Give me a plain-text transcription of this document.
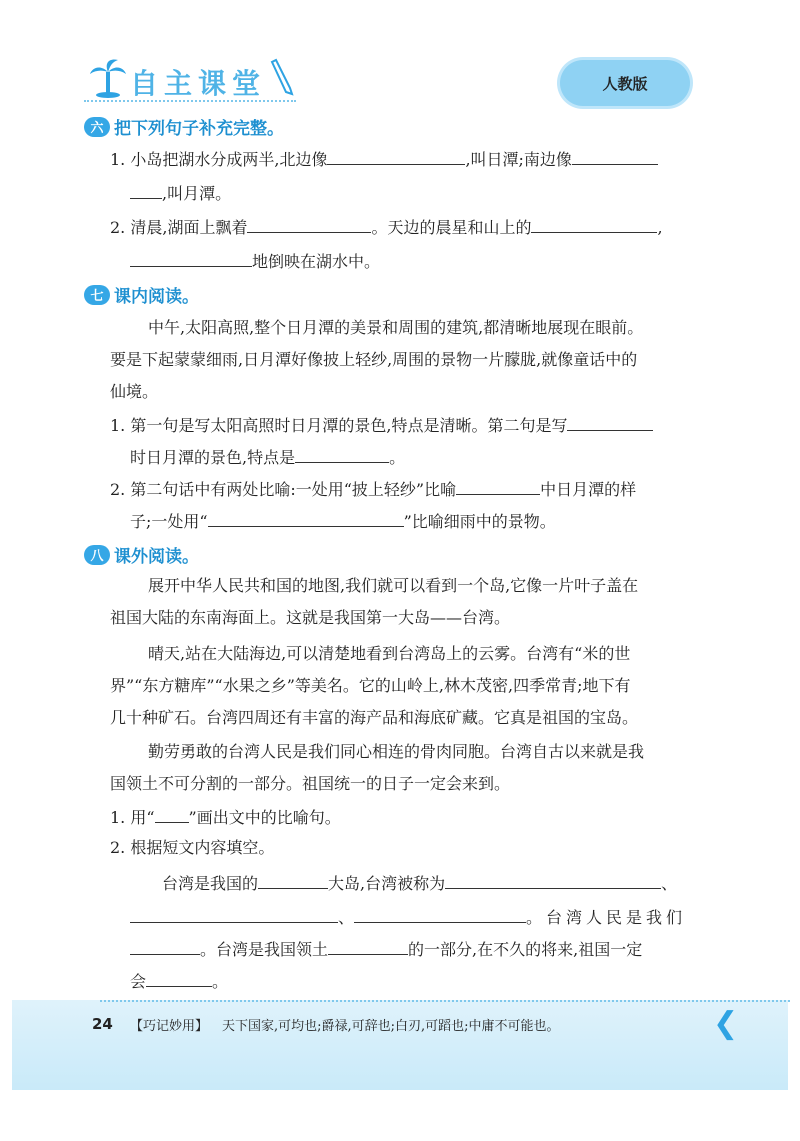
自主课堂	人教版
六 把下列句子补充完整。
1. 小岛把湖水分成两半,北边像	,叫日潭;南边像
,叫月潭。
2. 清晨,湖面上飘着	。天边的晨星和山上的	,
地倒映在湖水中。
七 课内阅读。
中午,太阳高照,整个日月潭的美景和周围的建筑,都清晰地展现在眼前。
要是下起蒙蒙细雨,日月潭好像披上轻纱,周围的景物一片朦胧,就像童话中的
仙境。
1. 第一句是写太阳高照时日月潭的景色,特点是清晰。第二句是写
时日月潭的景色,特点是	。
2. 第二句话中有两处比喻:一处用“披上轻纱”比喻	中日月潭的样
子;一处用“	”比喻细雨中的景物。
八 课外阅读。
展开中华人民共和国的地图,我们就可以看到一个岛,它像一片叶子盖在
祖国大陆的东南海面上。这就是我国第一大岛——台湾。
晴天,站在大陆海边,可以清楚地看到台湾岛上的云雾。台湾有“米的世
界”“东方糖库”“水果之乡”等美名。它的山岭上,林木茂密,四季常青;地下有
几十种矿石。台湾四周还有丰富的海产品和海底矿藏。它真是祖国的宝岛。
勤劳勇敢的台湾人民是我们同心相连的骨肉同胞。台湾自古以来就是我
国领土不可分割的一部分。祖国统一的日子一定会来到。
1. 用“ ”画出文中的比喻句。
2. 根据短文内容填空。
台湾是我国的	大岛,台湾被称为	、
、	。台湾人民是我们
。台湾是我国领土	的一部分,在不久的将来,祖国一定
会	。
24 【巧记妙用】 天下国家,可均也;爵禄,可辞也;白刃,可蹈也;中庸不可能也。	❮
